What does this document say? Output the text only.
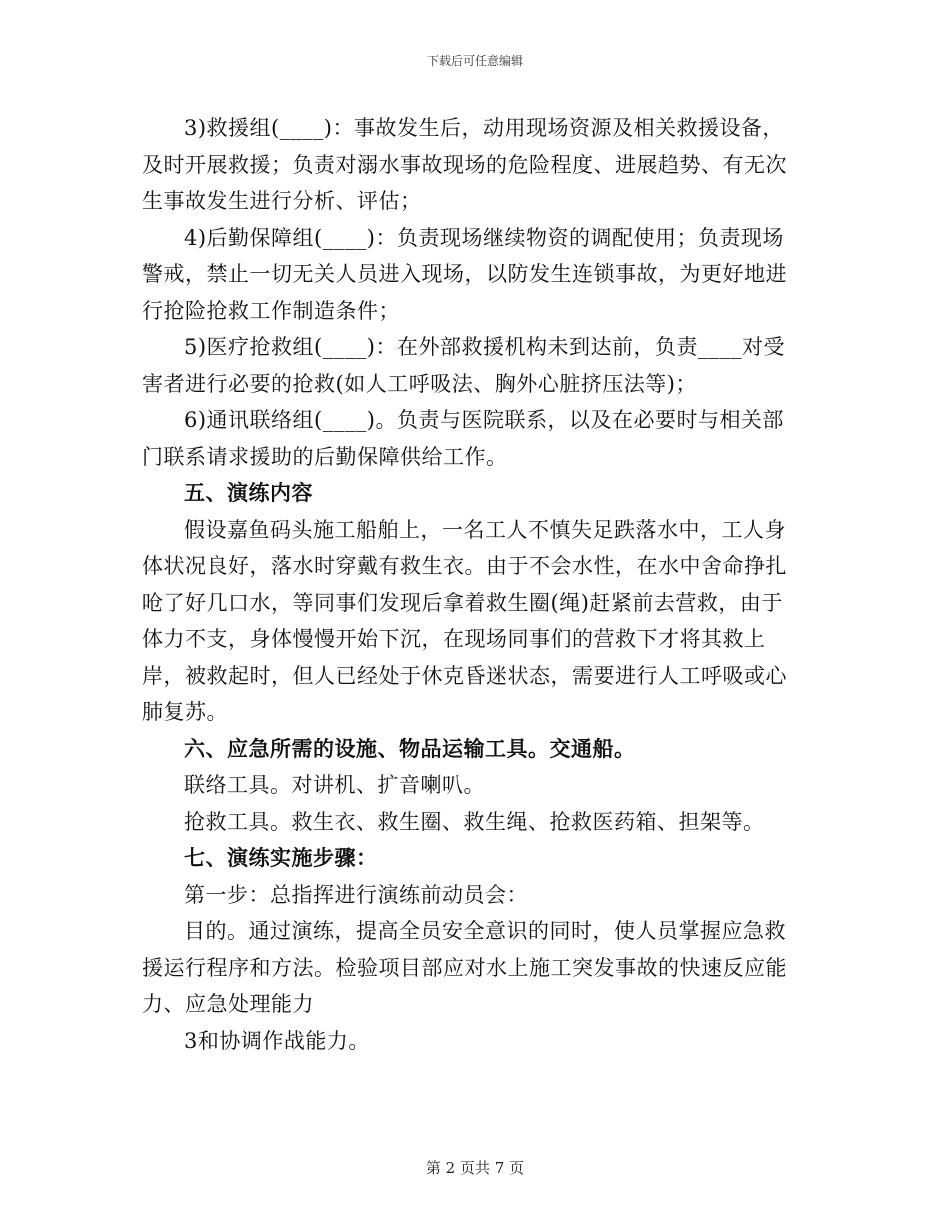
下载后可任意编辑

3)救援组(____)：事故发生后，动用现场资源及相关救援设备，及时开展救援；负责对溺水事故现场的危险程度、进展趋势、有无次生事故发生进行分析、评估；

4)后勤保障组(____)：负责现场继续物资的调配使用；负责现场警戒，禁止一切无关人员进入现场，以防发生连锁事故，为更好地进行抢险抢救工作制造条件；

5)医疗抢救组(____)：在外部救援机构未到达前，负责____对受害者进行必要的抢救(如人工呼吸法、胸外心脏挤压法等)；

6)通讯联络组(____)。负责与医院联系，以及在必要时与相关部门联系请求援助的后勤保障供给工作。

五、演练内容

假设嘉鱼码头施工船舶上，一名工人不慎失足跌落水中，工人身体状况良好，落水时穿戴有救生衣。由于不会水性，在水中舍命挣扎呛了好几口水，等同事们发现后拿着救生圈(绳)赶紧前去营救，由于体力不支，身体慢慢开始下沉，在现场同事们的营救下才将其救上岸，被救起时，但人已经处于休克昏迷状态，需要进行人工呼吸或心肺复苏。

六、应急所需的设施、物品运输工具。交通船。

联络工具。对讲机、扩音喇叭。

抢救工具。救生衣、救生圈、救生绳、抢救医药箱、担架等。

七、演练实施步骤：

第一步：总指挥进行演练前动员会：

目的。通过演练，提高全员安全意识的同时，使人员掌握应急救援运行程序和方法。检验项目部应对水上施工突发事故的快速反应能力、应急处理能力

3和协调作战能力。

第 2 页共 7 页
